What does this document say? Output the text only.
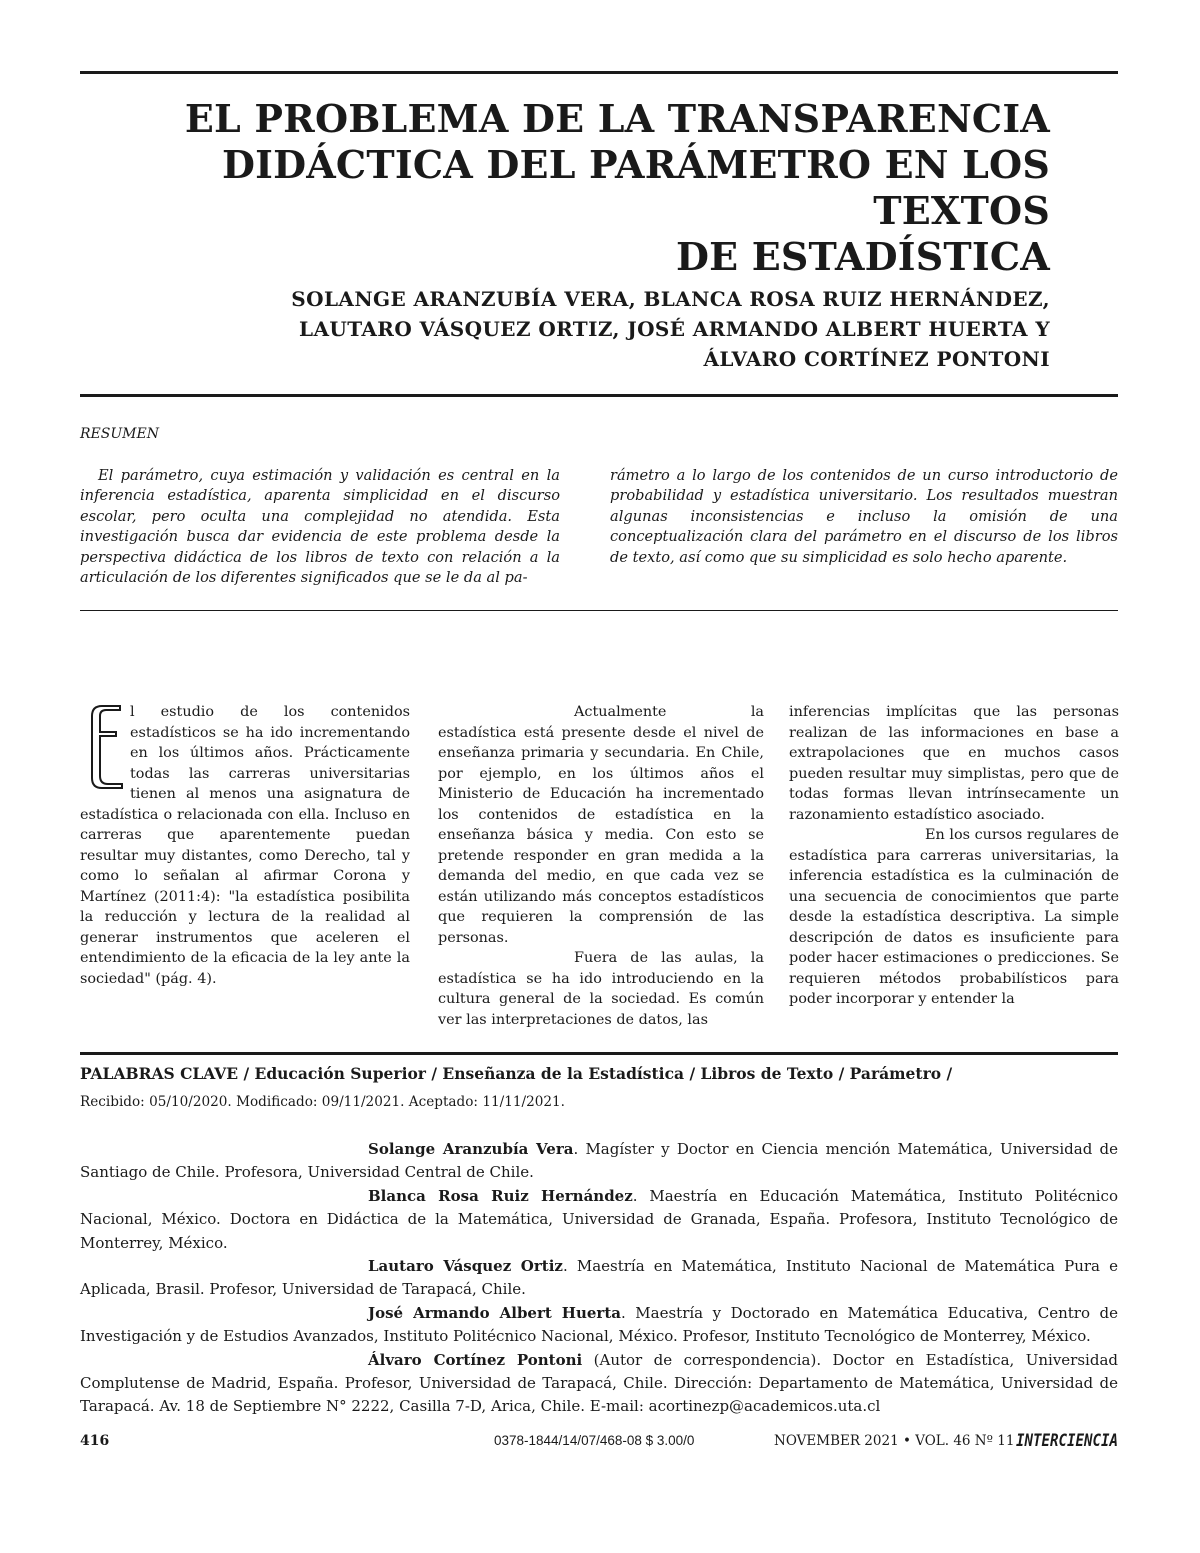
EL PROBLEMA DE LA TRANSPARENCIA
DIDÁCTICA DEL PARÁMETRO EN LOS TEXTOS
DE ESTADÍSTICA
SOLANGE ARANZUBÍA VERA, BLANCA ROSA RUIZ HERNÁNDEZ,
LAUTARO VÁSQUEZ ORTIZ, JOSÉ ARMANDO ALBERT HUERTA Y
ÁLVARO CORTÍNEZ PONTONI
RESUMEN

El parámetro, cuya estimación y validación es central en la inferencia estadística, aparenta simplicidad en el discurso escolar, pero oculta una complejidad no atendida. Esta investigación busca dar evidencia de este problema desde la perspectiva didáctica de los libros de texto con relación a la articulación de los diferentes significados que se le da al pa-

rámetro a lo largo de los contenidos de un curso introductorio de probabilidad y estadística universitario. Los resultados muestran algunas inconsistencias e incluso la omisión de una conceptualización clara del parámetro en el discurso de los libros de texto, así como que su simplicidad es solo hecho aparente.

E

l estudio de los contenidos estadísticos se ha ido incrementando en los últimos años. Prácticamente todas las carreras universitarias tienen al menos una asignatura de estadística o relacionada con ella. Incluso en carreras que aparentemente puedan resultar muy distantes, como Derecho, tal y como lo señalan al afirmar Corona y Martínez (2011:4): "la estadística posibilita la reducción y lectura de la realidad al generar instrumentos que aceleren el entendimiento de la eficacia de la ley ante la sociedad" (pág. 4).

Actualmente la estadística está presente desde el nivel de enseñanza primaria y secundaria. En Chile, por ejemplo, en los últimos años el Ministerio de Educación ha incrementado los contenidos de estadística en la enseñanza básica y media. Con esto se pretende responder en gran medida a la demanda del medio, en que cada vez se están utilizando más conceptos estadísticos que requieren la comprensión de las personas.

Fuera de las aulas, la estadística se ha ido introduciendo en la cultura general de la sociedad. Es común ver las interpretaciones de datos, las

inferencias implícitas que las personas realizan de las informaciones en base a extrapolaciones que en muchos casos pueden resultar muy simplistas, pero que de todas formas llevan intrínsecamente un razonamiento estadístico asociado.

En los cursos regulares de estadística para carreras universitarias, la inferencia estadística es la culminación de una secuencia de conocimientos que parte desde la estadística descriptiva. La simple descripción de datos es insuficiente para poder hacer estimaciones o predicciones. Se requieren métodos probabilísticos para poder incorporar y entender la

PALABRAS CLAVE / Educación Superior / Enseñanza de la Estadística / Libros de Texto / Parámetro /
Recibido: 05/10/2020. Modificado: 09/11/2021. Aceptado: 11/11/2021.

Solange Aranzubía Vera. Magíster y Doctor en Ciencia mención Matemática, Universidad de Santiago de Chile. Profesora, Universidad Central de Chile.

Blanca Rosa Ruiz Hernández. Maestría en Educación Matemática, Instituto Politécnico Nacional, México. Doctora en Didáctica de la Matemática, Universidad de Granada, España. Profesora, Instituto Tecnológico de Monterrey, México.

Lautaro Vásquez Ortiz. Maestría en Matemática, Instituto Nacional de Matemática Pura e Aplicada, Brasil. Profesor, Universidad de Tarapacá, Chile.

José Armando Albert Huerta. Maestría y Doctorado en Matemática Educativa, Centro de Investigación y de Estudios Avanzados, Instituto Politécnico Nacional, México. Profesor, Instituto Tecnológico de Monterrey, México.

Álvaro Cortínez Pontoni (Autor de correspondencia). Doctor en Estadística, Universidad Complutense de Madrid, España. Profesor, Universidad de Tarapacá, Chile. Dirección: Departamento de Matemática, Universidad de Tarapacá. Av. 18 de Septiembre N° 2222, Casilla 7-D, Arica, Chile. E-mail: acortinezp@academicos.uta.cl

416	0378-1844/14/07/468-08 $ 3.00/0	NOVEMBER 2021 • VOL. 46 Nº 11 INTERCIENCIA
